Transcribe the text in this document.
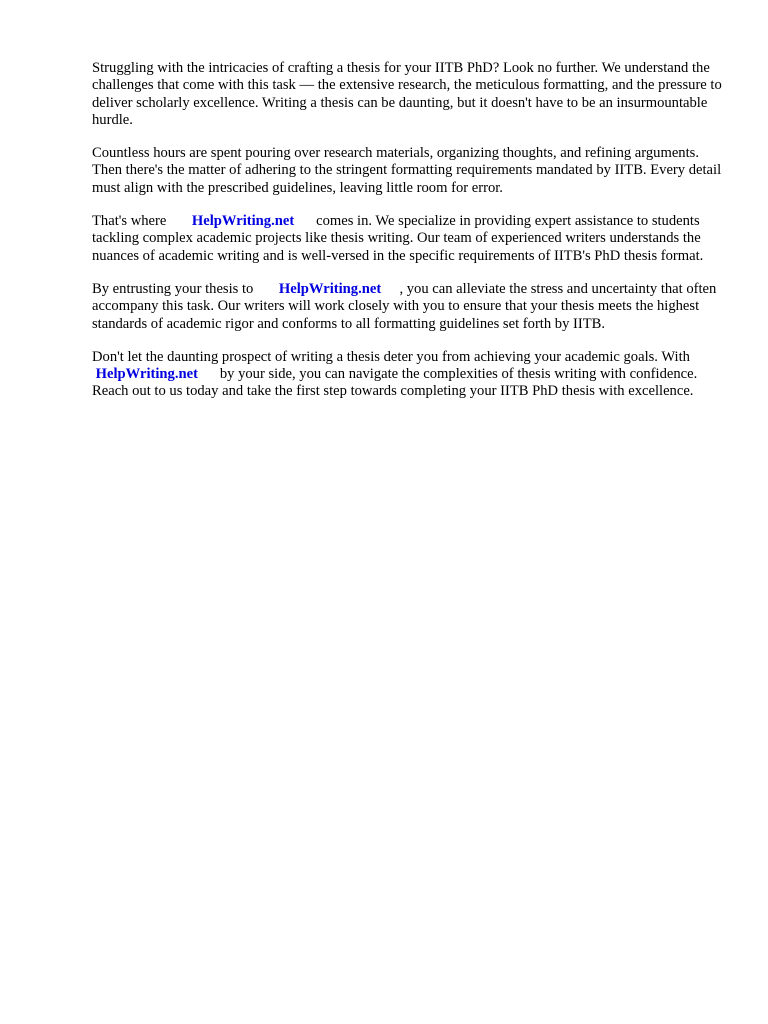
Struggling with the intricacies of crafting a thesis for your IITB PhD? Look no further. We understand the challenges that come with this task — the extensive research, the meticulous formatting, and the pressure to deliver scholarly excellence. Writing a thesis can be daunting, but it doesn't have to be an insurmountable hurdle.

Countless hours are spent pouring over research materials, organizing thoughts, and refining arguments. Then there's the matter of adhering to the stringent formatting requirements mandated by IITB. Every detail must align with the prescribed guidelines, leaving little room for error.

That's where HelpWriting.net comes in. We specialize in providing expert assistance to students tackling complex academic projects like thesis writing. Our team of experienced writers understands the nuances of academic writing and is well-versed in the specific requirements of IITB's PhD thesis format.

By entrusting your thesis to HelpWriting.net , you can alleviate the stress and uncertainty that often accompany this task. Our writers will work closely with you to ensure that your thesis meets the highest standards of academic rigor and conforms to all formatting guidelines set forth by IITB.

Don't let the daunting prospect of writing a thesis deter you from achieving your academic goals. With       HelpWriting.net by your side, you can navigate the complexities of thesis writing with confidence. Reach out to us today and take the first step towards completing your IITB PhD thesis with excellence.
